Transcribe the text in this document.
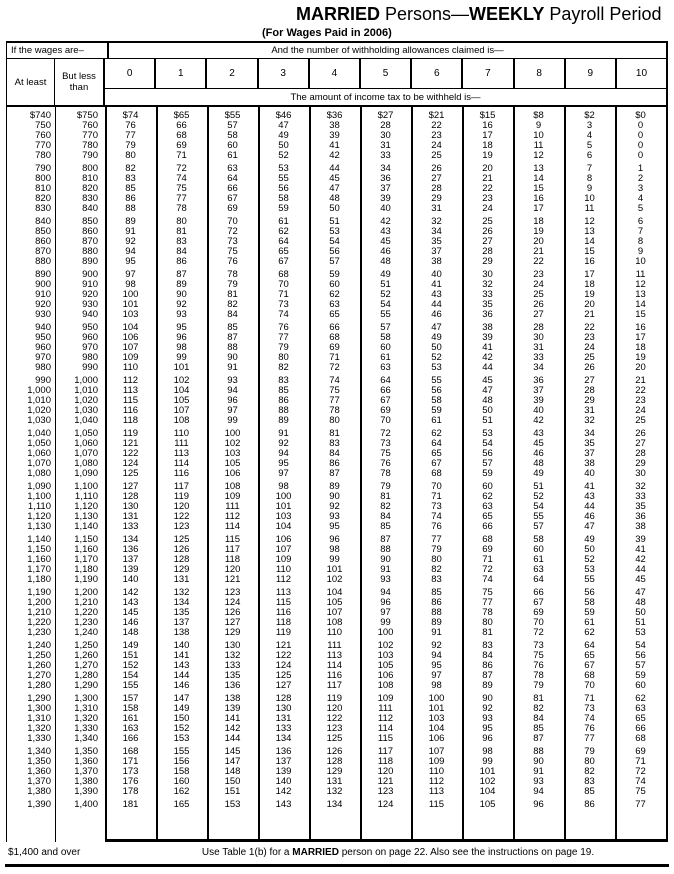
MARRIED Persons—WEEKLY Payroll Period
(For Wages Paid in 2006)
If the wages are–	And the number of withholding allowances claimed is—
At least	But less than
0	1	2	3	4	5	6	7	8	9	10
The amount of income tax to be withheld is—
$740	$750	$74	$65	$55	$46	$36	$27	$21	$15	$8	$2	$0
750	760	76	66	57	47	38	28	22	16	9	3	0
760	770	77	68	58	49	39	30	23	17	10	4	0
770	780	79	69	60	50	41	31	24	18	11	5	0
780	790	80	71	61	52	42	33	25	19	12	6	0
790	800	82	72	63	53	44	34	26	20	13	7	1
800	810	83	74	64	55	45	36	27	21	14	8	2
810	820	85	75	66	56	47	37	28	22	15	9	3
820	830	86	77	67	58	48	39	29	23	16	10	4
830	840	88	78	69	59	50	40	31	24	17	11	5
840	850	89	80	70	61	51	42	32	25	18	12	6
850	860	91	81	72	62	53	43	34	26	19	13	7
860	870	92	83	73	64	54	45	35	27	20	14	8
870	880	94	84	75	65	56	46	37	28	21	15	9
880	890	95	86	76	67	57	48	38	29	22	16	10
890	900	97	87	78	68	59	49	40	30	23	17	11
900	910	98	89	79	70	60	51	41	32	24	18	12
910	920	100	90	81	71	62	52	43	33	25	19	13
920	930	101	92	82	73	63	54	44	35	26	20	14
930	940	103	93	84	74	65	55	46	36	27	21	15
940	950	104	95	85	76	66	57	47	38	28	22	16
950	960	106	96	87	77	68	58	49	39	30	23	17
960	970	107	98	88	79	69	60	50	41	31	24	18
970	980	109	99	90	80	71	61	52	42	33	25	19
980	990	110	101	91	82	72	63	53	44	34	26	20
990	1,000	112	102	93	83	74	64	55	45	36	27	21
1,000	1,010	113	104	94	85	75	66	56	47	37	28	22
1,010	1,020	115	105	96	86	77	67	58	48	39	29	23
1,020	1,030	116	107	97	88	78	69	59	50	40	31	24
1,030	1,040	118	108	99	89	80	70	61	51	42	32	25
1,040	1,050	119	110	100	91	81	72	62	53	43	34	26
1,050	1,060	121	111	102	92	83	73	64	54	45	35	27
1,060	1,070	122	113	103	94	84	75	65	56	46	37	28
1,070	1,080	124	114	105	95	86	76	67	57	48	38	29
1,080	1,090	125	116	106	97	87	78	68	59	49	40	30
1,090	1,100	127	117	108	98	89	79	70	60	51	41	32
1,100	1,110	128	119	109	100	90	81	71	62	52	43	33
1,110	1,120	130	120	111	101	92	82	73	63	54	44	35
1,120	1,130	131	122	112	103	93	84	74	65	55	46	36
1,130	1,140	133	123	114	104	95	85	76	66	57	47	38
1,140	1,150	134	125	115	106	96	87	77	68	58	49	39
1,150	1,160	136	126	117	107	98	88	79	69	60	50	41
1,160	1,170	137	128	118	109	99	90	80	71	61	52	42
1,170	1,180	139	129	120	110	101	91	82	72	63	53	44
1,180	1,190	140	131	121	112	102	93	83	74	64	55	45
1,190	1,200	142	132	123	113	104	94	85	75	66	56	47
1,200	1,210	143	134	124	115	105	96	86	77	67	58	48
1,210	1,220	145	135	126	116	107	97	88	78	69	59	50
1,220	1,230	146	137	127	118	108	99	89	80	70	61	51
1,230	1,240	148	138	129	119	110	100	91	81	72	62	53
1,240	1,250	149	140	130	121	111	102	92	83	73	64	54
1,250	1,260	151	141	132	122	113	103	94	84	75	65	56
1,260	1,270	152	143	133	124	114	105	95	86	76	67	57
1,270	1,280	154	144	135	125	116	106	97	87	78	68	59
1,280	1,290	155	146	136	127	117	108	98	89	79	70	60
1,290	1,300	157	147	138	128	119	109	100	90	81	71	62
1,300	1,310	158	149	139	130	120	111	101	92	82	73	63
1,310	1,320	161	150	141	131	122	112	103	93	84	74	65
1,320	1,330	163	152	142	133	123	114	104	95	85	76	66
1,330	1,340	166	153	144	134	125	115	106	96	87	77	68
1,340	1,350	168	155	145	136	126	117	107	98	88	79	69
1,350	1,360	171	156	147	137	128	118	109	99	90	80	71
1,360	1,370	173	158	148	139	129	120	110	101	91	82	72
1,370	1,380	176	160	150	140	131	121	112	102	93	83	74
1,380	1,390	178	162	151	142	132	123	113	104	94	85	75
1,390	1,400	181	165	153	143	134	124	115	105	96	86	77
$1,400 and over	Use Table 1(b) for a MARRIED person on page 22. Also see the instructions on page 19.
